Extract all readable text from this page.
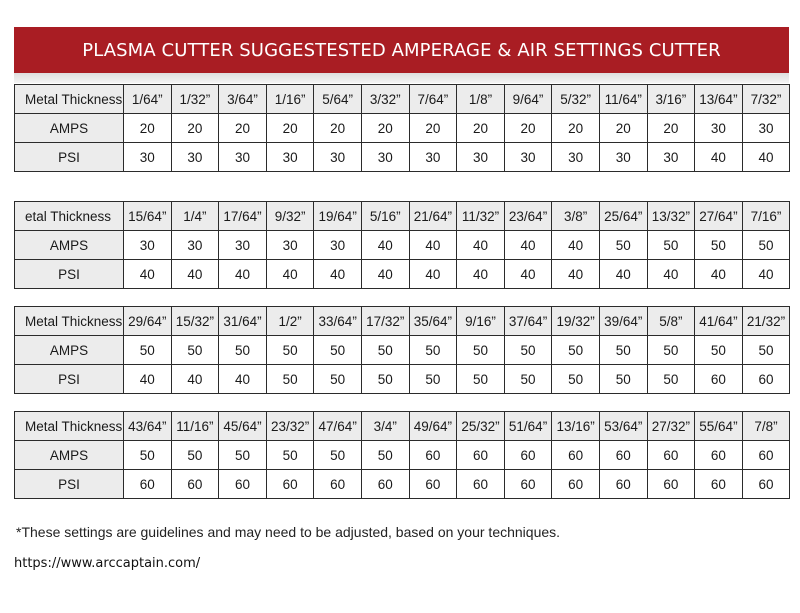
PLASMA CUTTER SUGGESTESTED AMPERAGE & AIR SETTINGS CUTTER
Metal Thickness	1/64”	1/32”	3/64”	1/16”	5/64”	3/32”	7/64”	1/8”	9/64”	5/32”	11/64”	3/16”	13/64”	7/32”
AMPS	20	20	20	20	20	20	20	20	20	20	20	20	30	30
PSI	30	30	30	30	30	30	30	30	30	30	30	30	40	40
etal Thickness	15/64”	1/4”	17/64”	9/32”	19/64”	5/16”	21/64”	11/32”	23/64”	3/8”	25/64”	13/32”	27/64”	7/16”
AMPS	30	30	30	30	30	40	40	40	40	40	50	50	50	50
PSI	40	40	40	40	40	40	40	40	40	40	40	40	40	40
Metal Thickness	29/64”	15/32”	31/64”	1/2”	33/64”	17/32”	35/64”	9/16”	37/64”	19/32”	39/64”	5/8”	41/64”	21/32”
AMPS	50	50	50	50	50	50	50	50	50	50	50	50	50	50
PSI	40	40	40	50	50	50	50	50	50	50	50	50	60	60
Metal Thickness	43/64”	11/16”	45/64”	23/32”	47/64”	3/4”	49/64”	25/32”	51/64”	13/16”	53/64”	27/32”	55/64”	7/8”
AMPS	50	50	50	50	50	50	60	60	60	60	60	60	60	60
PSI	60	60	60	60	60	60	60	60	60	60	60	60	60	60
*These settings are guidelines and may need to be adjusted, based on your techniques.
https://www.arccaptain.com/
